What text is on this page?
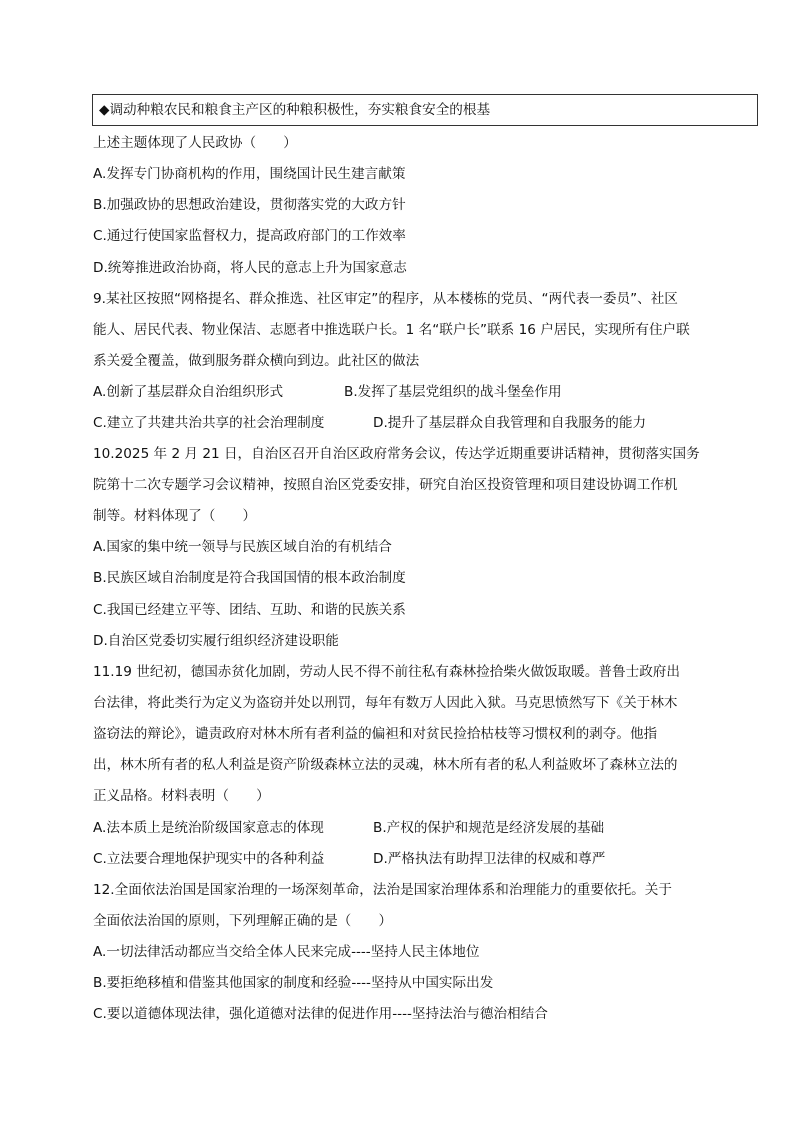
◆调动种粮农民和粮食主产区的种粮积极性，夯实粮食安全的根基
上述主题体现了人民政协（　　）
A.发挥专门协商机构的作用，围绕国计民生建言献策
B.加强政协的思想政治建设，贯彻落实党的大政方针
C.通过行使国家监督权力，提高政府部门的工作效率
D.统筹推进政治协商，将人民的意志上升为国家意志
9.某社区按照“网格提名、群众推选、社区审定”的程序，从本楼栋的党员、“两代表一委员”、社区
能人、居民代表、物业保洁、志愿者中推选联户长。1 名“联户长”联系 16 户居民，实现所有住户联
系关爱全覆盖，做到服务群众横向到边。此社区的做法
A.创新了基层群众自治组织形式	B.发挥了基层党组织的战斗堡垒作用
C.建立了共建共治共享的社会治理制度	D.提升了基层群众自我管理和自我服务的能力
10.2025 年 2 月 21 日，自治区召开自治区政府常务会议，传达学近期重要讲话精神，贯彻落实国务
院第十二次专题学习会议精神，按照自治区党委安排，研究自治区投资管理和项目建设协调工作机
制等。材料体现了（　　）
A.国家的集中统一领导与民族区域自治的有机结合
B.民族区域自治制度是符合我国国情的根本政治制度
C.我国已经建立平等、团结、互助、和谐的民族关系
D.自治区党委切实履行组织经济建设职能
11.19 世纪初，德国赤贫化加剧，劳动人民不得不前往私有森林捡拾柴火做饭取暖。普鲁士政府出
台法律，将此类行为定义为盗窃并处以刑罚，每年有数万人因此入狱。马克思愤然写下《关于林木
盗窃法的辩论》，谴责政府对林木所有者利益的偏袒和对贫民捡拾枯枝等习惯权利的剥夺。他指
出，林木所有者的私人利益是资产阶级森林立法的灵魂，林木所有者的私人利益败坏了森林立法的
正义品格。材料表明（　　）
A.法本质上是统治阶级国家意志的体现	B.产权的保护和规范是经济发展的基础
C.立法要合理地保护现实中的各种利益	D.严格执法有助捍卫法律的权威和尊严
12.全面依法治国是国家治理的一场深刻革命，法治是国家治理体系和治理能力的重要依托。关于
全面依法治国的原则，下列理解正确的是（　　）
A.一切法律活动都应当交给全体人民来完成----坚持人民主体地位
B.要拒绝移植和借鉴其他国家的制度和经验----坚持从中国实际出发
C.要以道德体现法律，强化道德对法律的促进作用----坚持法治与德治相结合
